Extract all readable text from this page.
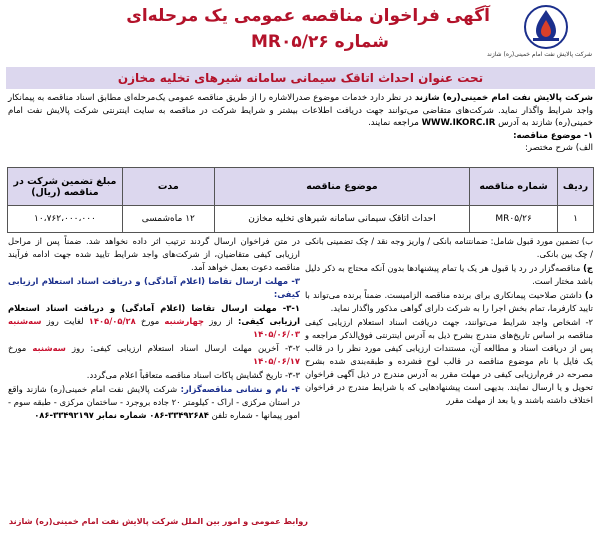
آگهی فراخوان مناقصه عمومی یک مرحله‌ای
شماره MR۰۵/۲۶
شرکت پالایش نفت امام خمینی(ره) شازند
تحت عنوان احداث اتاقک سیمانی سامانه شیرهای تخلیه مخازن

شرکت پالایش نفت امام خمینی(ره) شازند در نظر دارد خدمات موضوع صدرالاشاره را از طریق مناقصه عمومی یک‌مرحله‌ای مطابق اسناد مناقصه به پیمانکار واجد شرایط واگذار نماید. شرکت‌های متقاضی می‌توانند جهت دریافت اطلاعات بیشتر و شرایط شرکت در مناقصه به سایت اینترنتی شرکت پالایش نفت امام خمینی(ره) شازند به آدرس WWW.IKORC.IR مراجعه نمایند.

۱- موضوع مناقصه:

الف) شرح مختصر:

ردیف	شماره مناقصه	موضوع مناقصه	مدت	مبلغ تضمین شرکت در مناقصه (ریال)
۱	MR۰۵/۲۶	احداث اتاقک سیمانی سامانه شیرهای تخلیه مخازن	۱۲ ماه‌شمسی	۱۰،۷۶۲،۰۰۰،۰۰۰

ب) تضمین مورد قبول شامل: ضمانتنامه بانکی / واریز وجه نقد / چک تضمینی بانکی / چک بین بانکی.

ج) مناقصه‌گزار در رد یا قبول هر یک یا تمام پیشنهادها بدون آنکه محتاج به ذکر دلیل باشد مختار است.

د) داشتن صلاحیت پیمانکاری برای برنده مناقصه الزامیست. ضمناً برنده می‌تواند با تایید کارفرما، تمام بخش اجرا را به شرکت دارای گواهی مذکور واگذار نماید.

۲- اشخاص واجد شرایط می‌توانند، جهت دریافت اسناد استعلام ارزیابی کیفی مناقصه بر اساس تاریخ‌های مندرج بشرح ذیل به آدرس اینترنتی فوق‌الذکر مراجعه و پس از دریافت اسناد و مطالعه آن، مستندات ارزیابی کیفی مورد نظر را در قالب یک فایل با نام موضوع مناقصه در قالب لوح فشرده و طبقه‌بندی شده بشرح مصرحه در فرم‌ارزیابی کیفی در مهلت مقرر به آدرس مندرج در ذیل آگهی فراخوان تحویل و یا ارسال نمایند. بدیهی است پیشنهادهایی که با شرایط مندرج در فراخوان اختلاف داشته باشند و یا بعد از مهلت مقرر

در متن فراخوان ارسال گردند ترتیب اثر داده نخواهد شد. ضمناً پس از مراحل ارزیابی کیفی متقاضیان، از شرکت‌های واجد شرایط تایید شده جهت ادامه فرآیند مناقصه دعوت بعمل خواهد آمد.

۳- مهلت ارسال تقاضا (اعلام آمادگی) و دریافت اسناد استعلام ارزیابی کیفی:

۳-۱- مهلت ارسال تقاضا (اعلام آمادگی) و دریافت اسناد استعلام ارزیابی کیفی: از روز چهارشنبه مورخ ۱۴۰۵/۰۵/۲۸ لغایت روز سه‌شنبه ۱۴۰۵/۰۶/۰۳

۳-۲- آخرین مهلت ارسال اسناد استعلام ارزیابی کیفی: روز سه‌شنبه مورخ ۱۴۰۵/۰۶/۱۷

۳-۳- تاریخ گشایش پاکات اسناد مناقصه متعاقباً اعلام می‌گردد.

۴- نام و نشانی مناقصه‌گزار: شرکت پالایش نفت امام خمینی(ره) شازند واقع در استان مرکزی - اراک - کیلومتر ۲۰ جاده بروجرد - ساختمان مرکزی - طبقه سوم - امور پیمانها - شماره تلفن ۰۸۶-۳۳۴۹۲۶۸۴ شماره نمابر ۰۸۶-۳۳۴۹۲۱۹۷

روابط عمومی و امور بین الملل شرکت پالایش نفت امام خمینی(ره) شازند
